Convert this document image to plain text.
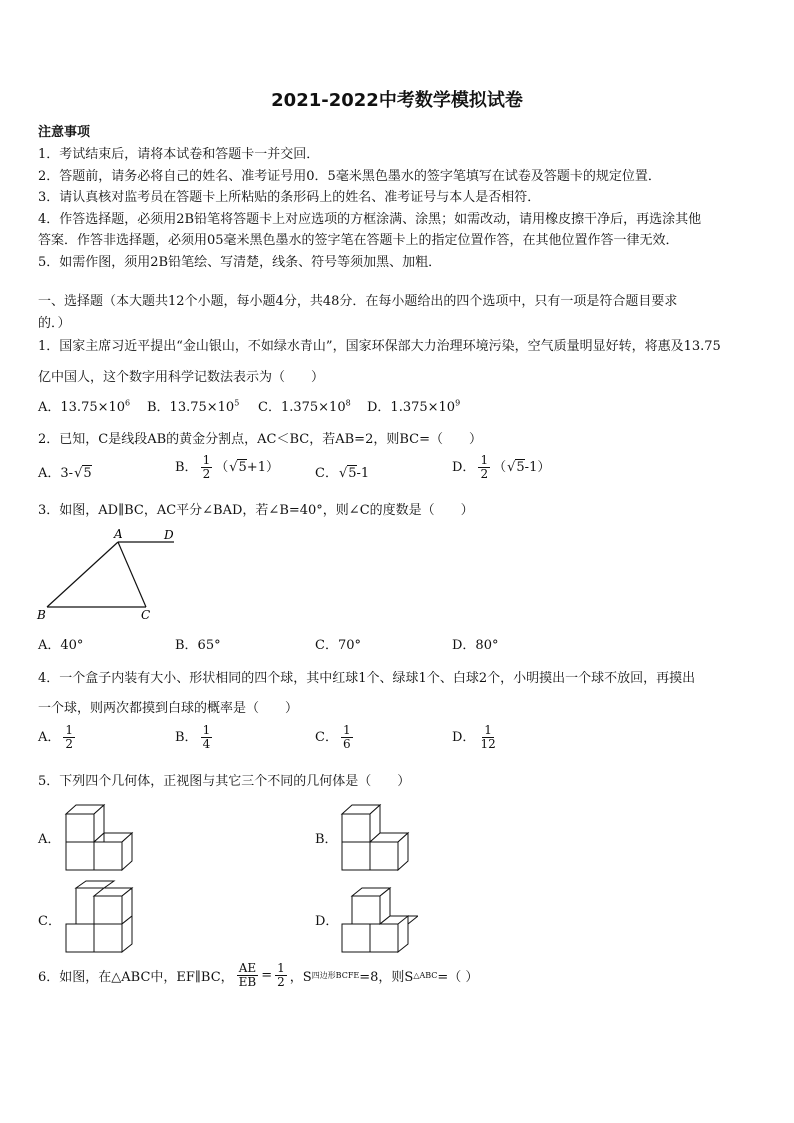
2021-2022中考数学模拟试卷
注意事项
1．考试结束后，请将本试卷和答题卡一并交回．
2．答题前，请务必将自己的姓名、准考证号用0．5毫米黑色墨水的签字笔填写在试卷及答题卡的规定位置．
3．请认真核对监考员在答题卡上所粘贴的条形码上的姓名、准考证号与本人是否相符．
4．作答选择题，必须用2B铅笔将答题卡上对应选项的方框涂满、涂黑；如需改动，请用橡皮擦干净后，再选涂其他
答案．作答非选择题，必须用05毫米黑色墨水的签字笔在答题卡上的指定位置作答，在其他位置作答一律无效．
5．如需作图，须用2B铅笔绘、写清楚，线条、符号等须加黑、加粗．
一、选择题（本大题共12个小题，每小题4分，共48分．在每小题给出的四个选项中，只有一项是符合题目要求
的．）
1．国家主席习近平提出“金山银山，不如绿水青山”，国家环保部大力治理环境污染，空气质量明显好转，将惠及13.75
亿中国人，这个数字用科学记数法表示为（　　）
A．$13.75\times 10^6$ B．$13.75\times 10^5$ C．$1.375\times 10^8$ D．$1.375\times 10^9$
2．已知，C是线段AB的黄金分割点，AC＜BC，若AB=2，则BC=（　　）
A．3- √ 5	B． $\frac{1}{2}$ （ √ 5+1）	C． √ 5-1	D． $\frac{1}{2}$ （ √ 5-1）
3．如图，AD∥BC，AC平分∠BAD，若∠B=40°，则∠C的度数是（　　）
A	D
B	C
A．40°	B．65°	C．70°	D．80°
4．一个盒子内装有大小、形状相同的四个球，其中红球1个、绿球1个、白球2个，小明摸出一个球不放回，再摸出
一个球，则两次都摸到白球的概率是（　　）
A． $\frac{1}{2}$	B． $\frac{1}{4}$	C． $\frac{1}{6}$	D． $\frac{1}{12}$
5．下列四个几何体，正视图与其它三个不同的几何体是（　　）
A．	B．
C．	D．
6．如图，在△ABC中，EF∥BC， $\frac{AE}{EB} = \frac{1}{2}$ ，S 四边形BCFE =8，则S △ABC =（ ）
